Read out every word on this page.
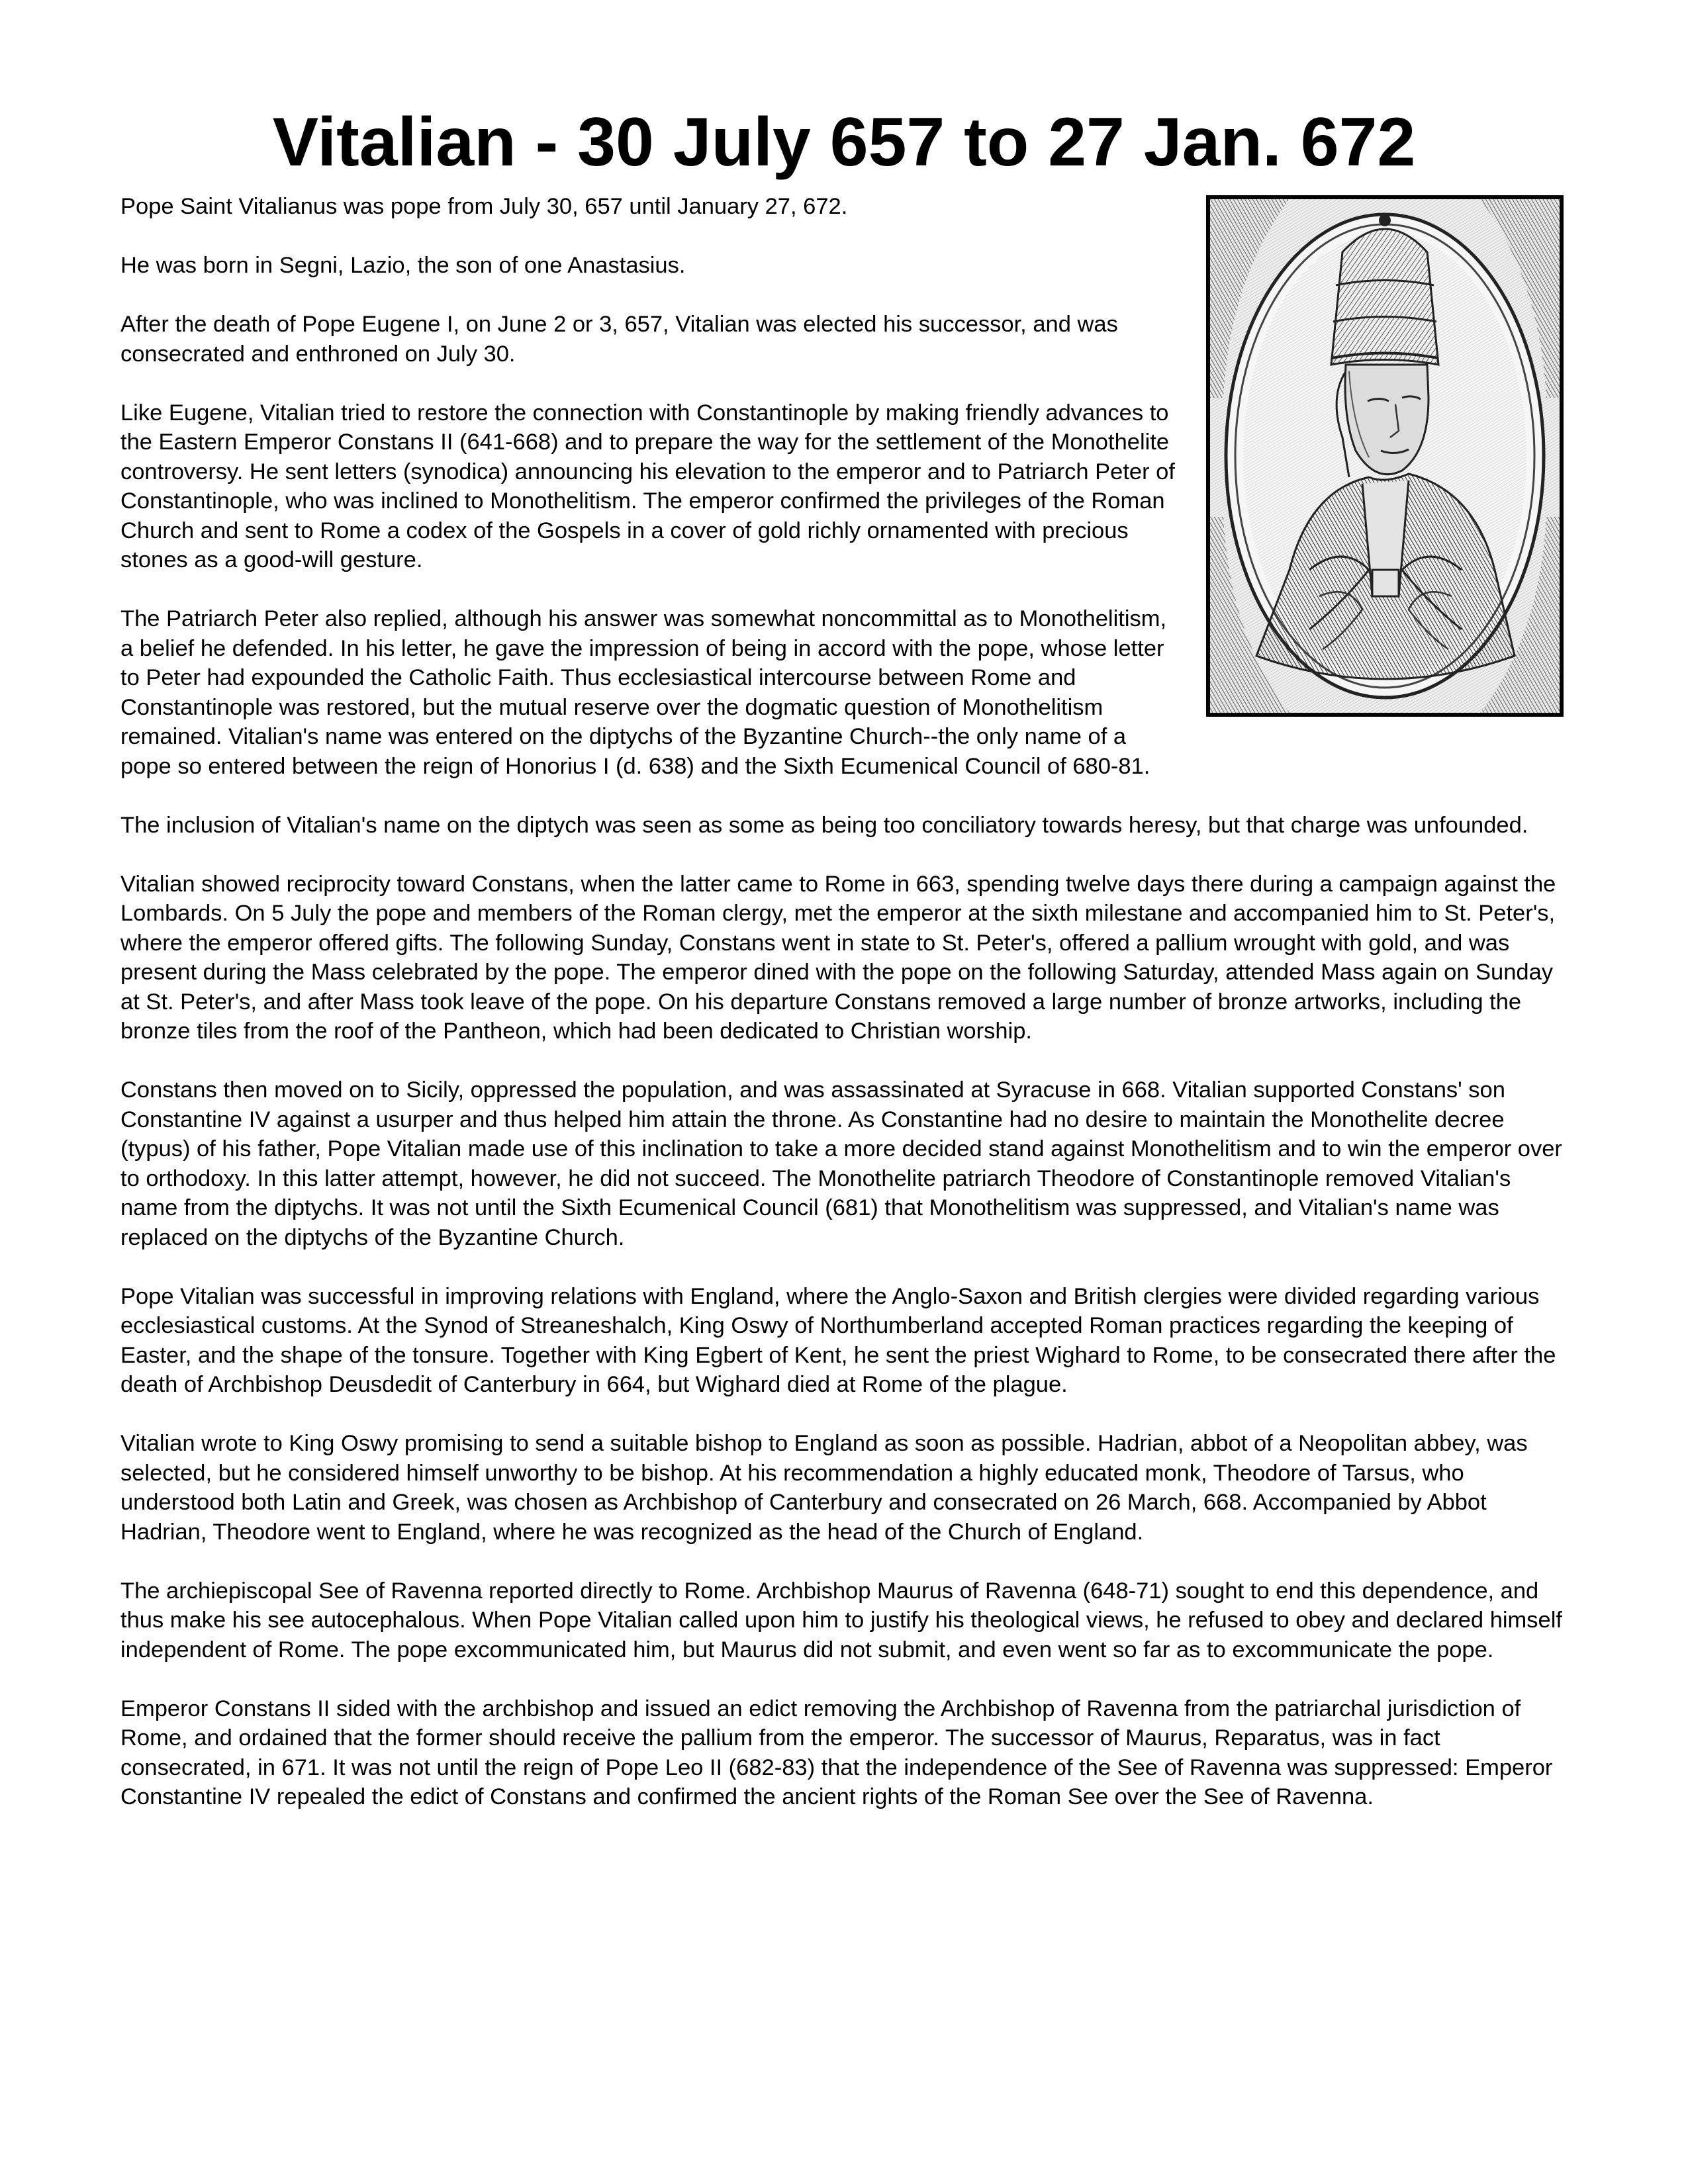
Vitalian - 30 July 657 to 27 Jan. 672

Pope Saint Vitalianus was pope from July 30, 657 until January 27, 672.

He was born in Segni, Lazio, the son of one Anastasius.

After the death of Pope Eugene I, on June 2 or 3, 657, Vitalian was elected his successor, and was consecrated and enthroned on July 30.

Like Eugene, Vitalian tried to restore the connection with Constantinople by making friendly advances to the Eastern Emperor Constans II (641-668) and to prepare the way for the settlement of the Monothelite controversy. He sent letters (synodica) announcing his elevation to the emperor and to Patriarch Peter of Constantinople, who was inclined to Monothelitism. The emperor confirmed the privileges of the Roman Church and sent to Rome a codex of the Gospels in a cover of gold richly ornamented with precious stones as a good-will gesture.

The Patriarch Peter also replied, although his answer was somewhat noncommittal as to Monothelitism, a belief he defended. In his letter, he gave the impression of being in accord with the pope, whose letter to Peter had expounded the Catholic Faith. Thus ecclesiastical intercourse between Rome and Constantinople was restored, but the mutual reserve over the dogmatic question of Monothelitism remained. Vitalian's name was entered on the diptychs of the Byzantine Church--the only name of a pope so entered between the reign of Honorius I (d. 638) and the Sixth Ecumenical Council of 680-81.

The inclusion of Vitalian's name on the diptych was seen as some as being too conciliatory towards heresy, but that charge was unfounded.

Vitalian showed reciprocity toward Constans, when the latter came to Rome in 663, spending twelve days there during a campaign against the Lombards. On 5 July the pope and members of the Roman clergy, met the emperor at the sixth milestane and accompanied him to St. Peter's, where the emperor offered gifts. The following Sunday, Constans went in state to St. Peter's, offered a pallium wrought with gold, and was present during the Mass celebrated by the pope. The emperor dined with the pope on the following Saturday, attended Mass again on Sunday at St. Peter's, and after Mass took leave of the pope. On his departure Constans removed a large number of bronze artworks, including the bronze tiles from the roof of the Pantheon, which had been dedicated to Christian worship.

Constans then moved on to Sicily, oppressed the population, and was assassinated at Syracuse in 668. Vitalian supported Constans' son Constantine IV against a usurper and thus helped him attain the throne. As Constantine had no desire to maintain the Monothelite decree (typus) of his father, Pope Vitalian made use of this inclination to take a more decided stand against Monothelitism and to win the emperor over to orthodoxy. In this latter attempt, however, he did not succeed. The Monothelite patriarch Theodore of Constantinople removed Vitalian's name from the diptychs. It was not until the Sixth Ecumenical Council (681) that Monothelitism was suppressed, and Vitalian's name was replaced on the diptychs of the Byzantine Church.

Pope Vitalian was successful in improving relations with England, where the Anglo-Saxon and British clergies were divided regarding various ecclesiastical customs. At the Synod of Streaneshalch, King Oswy of Northumberland accepted Roman practices regarding the keeping of Easter, and the shape of the tonsure. Together with King Egbert of Kent, he sent the priest Wighard to Rome, to be consecrated there after the death of Archbishop Deusdedit of Canterbury in 664, but Wighard died at Rome of the plague.

Vitalian wrote to King Oswy promising to send a suitable bishop to England as soon as possible. Hadrian, abbot of a Neopolitan abbey, was selected, but he considered himself unworthy to be bishop. At his recommendation a highly educated monk, Theodore of Tarsus, who understood both Latin and Greek, was chosen as Archbishop of Canterbury and consecrated on 26 March, 668. Accompanied by Abbot Hadrian, Theodore went to England, where he was recognized as the head of the Church of England.

The archiepiscopal See of Ravenna reported directly to Rome. Archbishop Maurus of Ravenna (648-71) sought to end this dependence, and thus make his see autocephalous. When Pope Vitalian called upon him to justify his theological views, he refused to obey and declared himself independent of Rome. The pope excommunicated him, but Maurus did not submit, and even went so far as to excommunicate the pope.

Emperor Constans II sided with the archbishop and issued an edict removing the Archbishop of Ravenna from the patriarchal jurisdiction of Rome, and ordained that the former should receive the pallium from the emperor. The successor of Maurus, Reparatus, was in fact consecrated, in 671. It was not until the reign of Pope Leo II (682-83) that the independence of the See of Ravenna was suppressed: Emperor Constantine IV repealed the edict of Constans and confirmed the ancient rights of the Roman See over the See of Ravenna.
